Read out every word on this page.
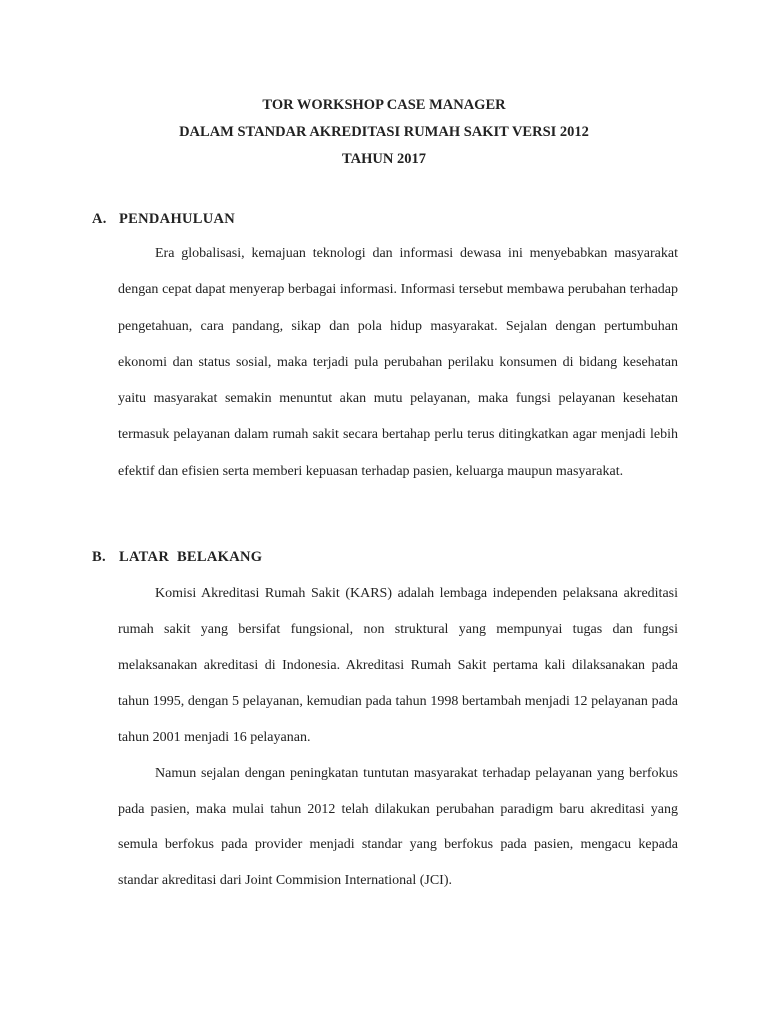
TOR WORKSHOP CASE MANAGER
DALAM STANDAR AKREDITASI RUMAH SAKIT VERSI 2012
TAHUN 2017
A. PENDAHULUAN

Era globalisasi, kemajuan teknologi dan informasi dewasa ini menyebabkan masyarakat dengan cepat dapat menyerap berbagai informasi. Informasi tersebut membawa perubahan terhadap pengetahuan, cara pandang, sikap dan pola hidup masyarakat. Sejalan dengan pertumbuhan ekonomi dan status sosial, maka terjadi pula perubahan perilaku konsumen di bidang kesehatan yaitu masyarakat semakin menuntut akan mutu pelayanan, maka fungsi pelayanan kesehatan termasuk pelayanan dalam rumah sakit secara bertahap perlu terus ditingkatkan agar menjadi lebih efektif dan efisien serta memberi kepuasan terhadap pasien, keluarga maupun masyarakat.

B. LATAR  BELAKANG

Komisi Akreditasi Rumah Sakit (KARS) adalah lembaga independen pelaksana akreditasi rumah sakit yang bersifat fungsional, non struktural yang mempunyai tugas dan fungsi melaksanakan akreditasi di Indonesia. Akreditasi Rumah Sakit pertama kali dilaksanakan pada tahun 1995, dengan 5 pelayanan, kemudian pada tahun 1998 bertambah menjadi 12 pelayanan pada tahun 2001 menjadi 16 pelayanan.

Namun sejalan dengan peningkatan tuntutan masyarakat terhadap pelayanan yang berfokus pada pasien, maka mulai tahun 2012 telah dilakukan perubahan paradigm baru akreditasi yang semula berfokus pada provider menjadi standar yang berfokus pada pasien, mengacu kepada standar akreditasi dari Joint Commision International (JCI).
